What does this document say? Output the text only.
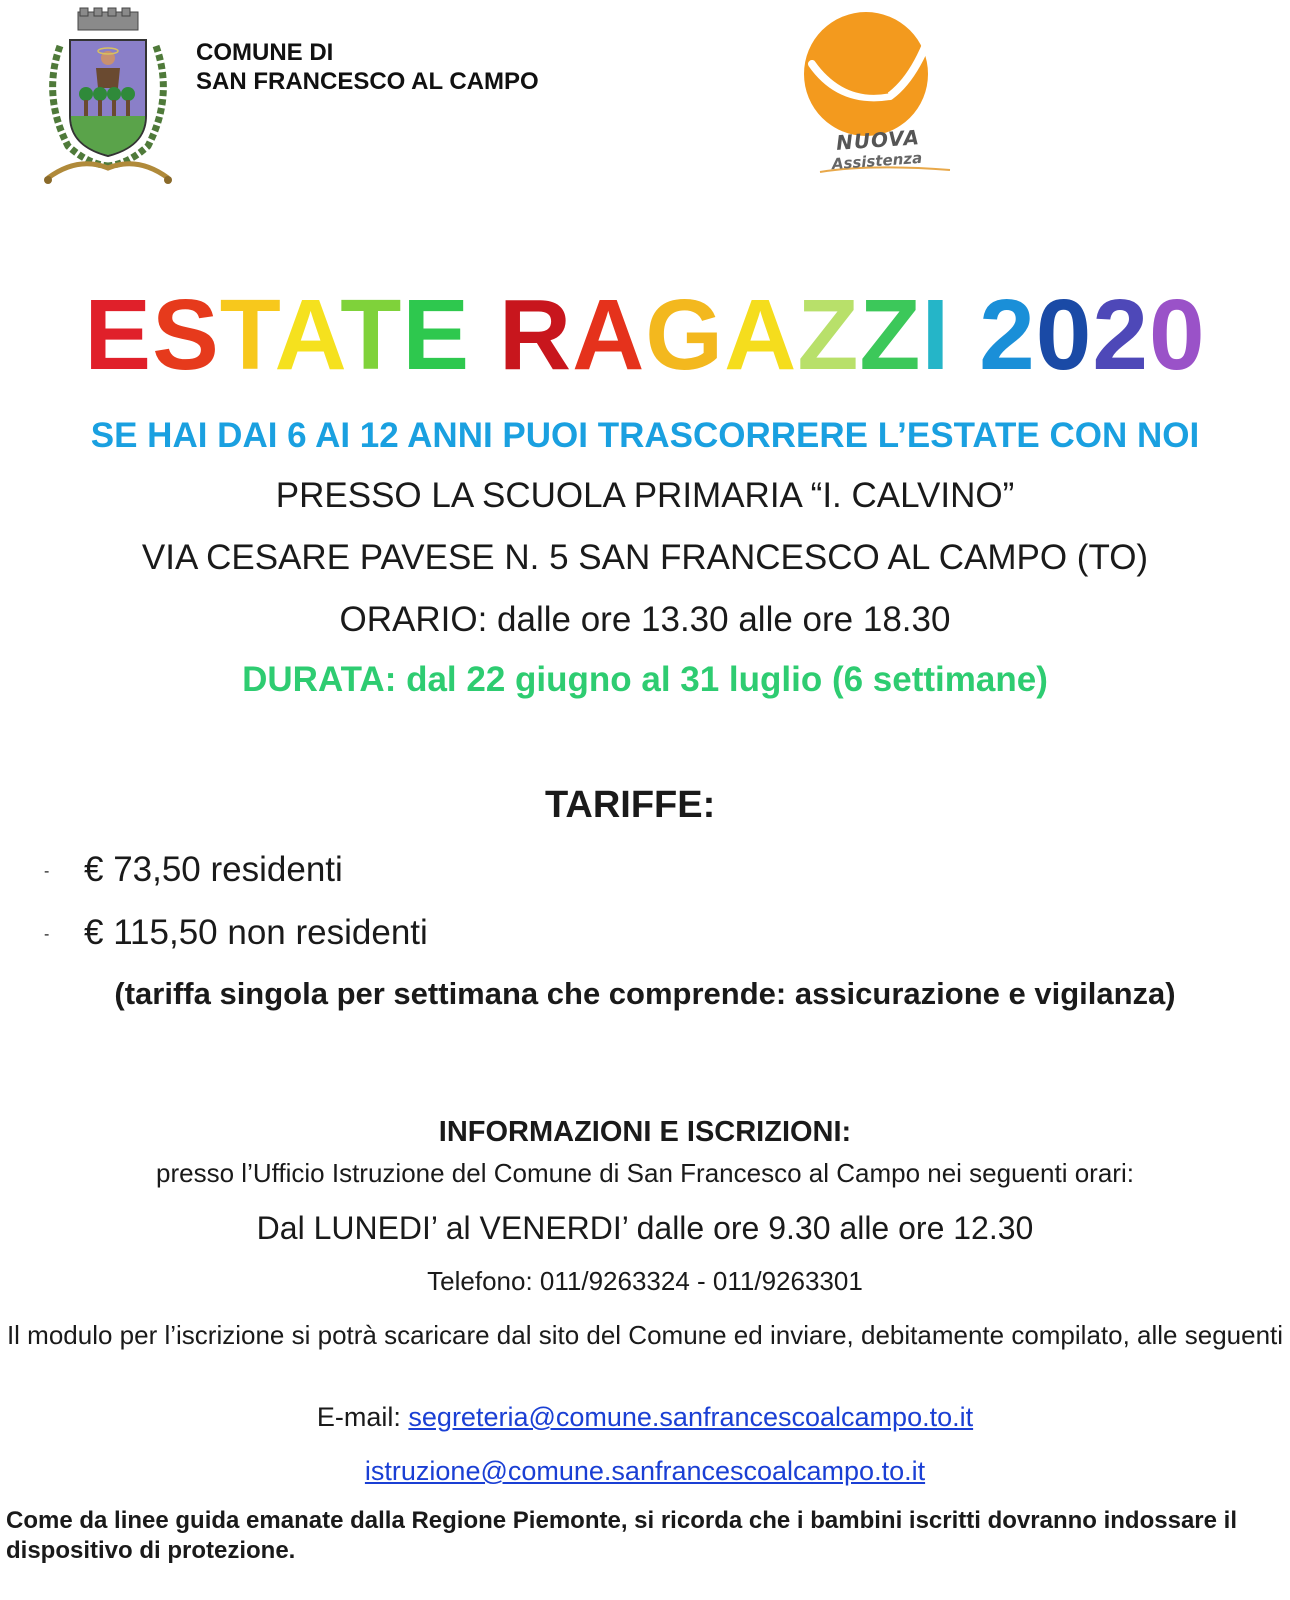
COMUNE DI
SAN FRANCESCO AL CAMPO
NUOVA
Assistenza
ESTATE RAGAZZI 2020
SE HAI DAI 6 AI 12 ANNI PUOI TRASCORRERE L’ESTATE CON NOI
PRESSO LA SCUOLA PRIMARIA “I. CALVINO”
VIA CESARE PAVESE N. 5 SAN FRANCESCO AL CAMPO (TO)
ORARIO: dalle ore 13.30 alle ore 18.30
DURATA: dal 22 giugno al 31 luglio (6 settimane)
TARIFFE:
- € 73,50 residenti
- € 115,50 non residenti
(tariffa singola per settimana che comprende: assicurazione e vigilanza)
INFORMAZIONI E ISCRIZIONI:
presso l’Ufficio Istruzione del Comune di San Francesco al Campo nei seguenti orari:
Dal LUNEDI’ al VENERDI’ dalle ore 9.30 alle ore 12.30
Telefono: 011/9263324 - 011/9263301
Il modulo per l’iscrizione si potrà scaricare dal sito del Comune ed inviare, debitamente compilato, alle seguenti
E-mail: segreteria@comune.sanfrancescoalcampo.to.it
istruzione@comune.sanfrancescoalcampo.to.it
Come da linee guida emanate dalla Regione Piemonte, si ricorda che i bambini iscritti dovranno indossare il dispositivo di protezione.
